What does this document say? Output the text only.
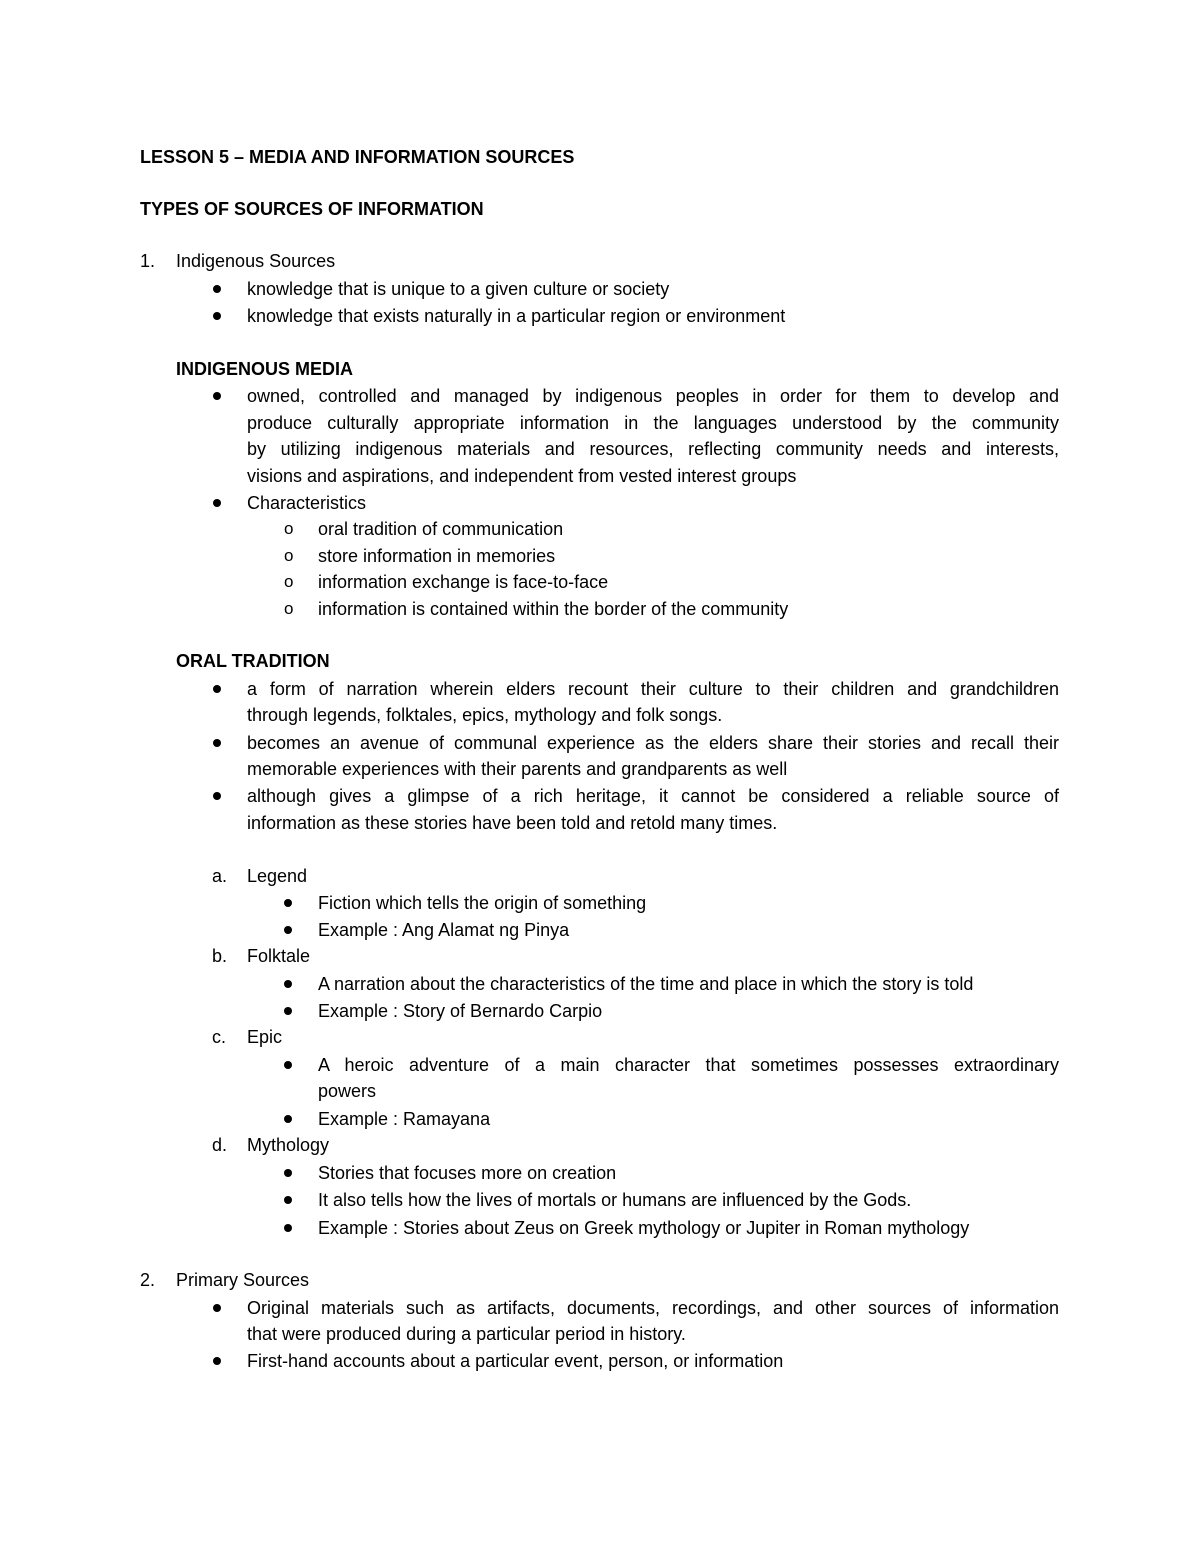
LESSON 5 – MEDIA AND INFORMATION SOURCES
TYPES OF SOURCES OF INFORMATION
1. Indigenous Sources
knowledge that is unique to a given culture or society
knowledge that exists naturally in a particular region or environment
INDIGENOUS MEDIA
owned, controlled and managed by indigenous peoples in order for them to develop and
produce culturally appropriate information in the languages understood by the community
by utilizing indigenous materials and resources, reflecting community needs and interests,
visions and aspirations, and independent from vested interest groups
Characteristics
o oral tradition of communication
o store information in memories
o information exchange is face-to-face
o information is contained within the border of the community
ORAL TRADITION
a form of narration wherein elders recount their culture to their children and grandchildren
through legends, folktales, epics, mythology and folk songs.
becomes an avenue of communal experience as the elders share their stories and recall their
memorable experiences with their parents and grandparents as well
although gives a glimpse of a rich heritage, it cannot be considered a reliable source of
information as these stories have been told and retold many times.
a. Legend
Fiction which tells the origin of something
Example : Ang Alamat ng Pinya
b. Folktale
A narration about the characteristics of the time and place in which the story is told
Example : Story of Bernardo Carpio
c. Epic
A heroic adventure of a main character that sometimes possesses extraordinary
powers
Example : Ramayana
d. Mythology
Stories that focuses more on creation
It also tells how the lives of mortals or humans are influenced by the Gods.
Example : Stories about Zeus on Greek mythology or Jupiter in Roman mythology
2. Primary Sources
Original materials such as artifacts, documents, recordings, and other sources of information
that were produced during a particular period in history.
First-hand accounts about a particular event, person, or information
